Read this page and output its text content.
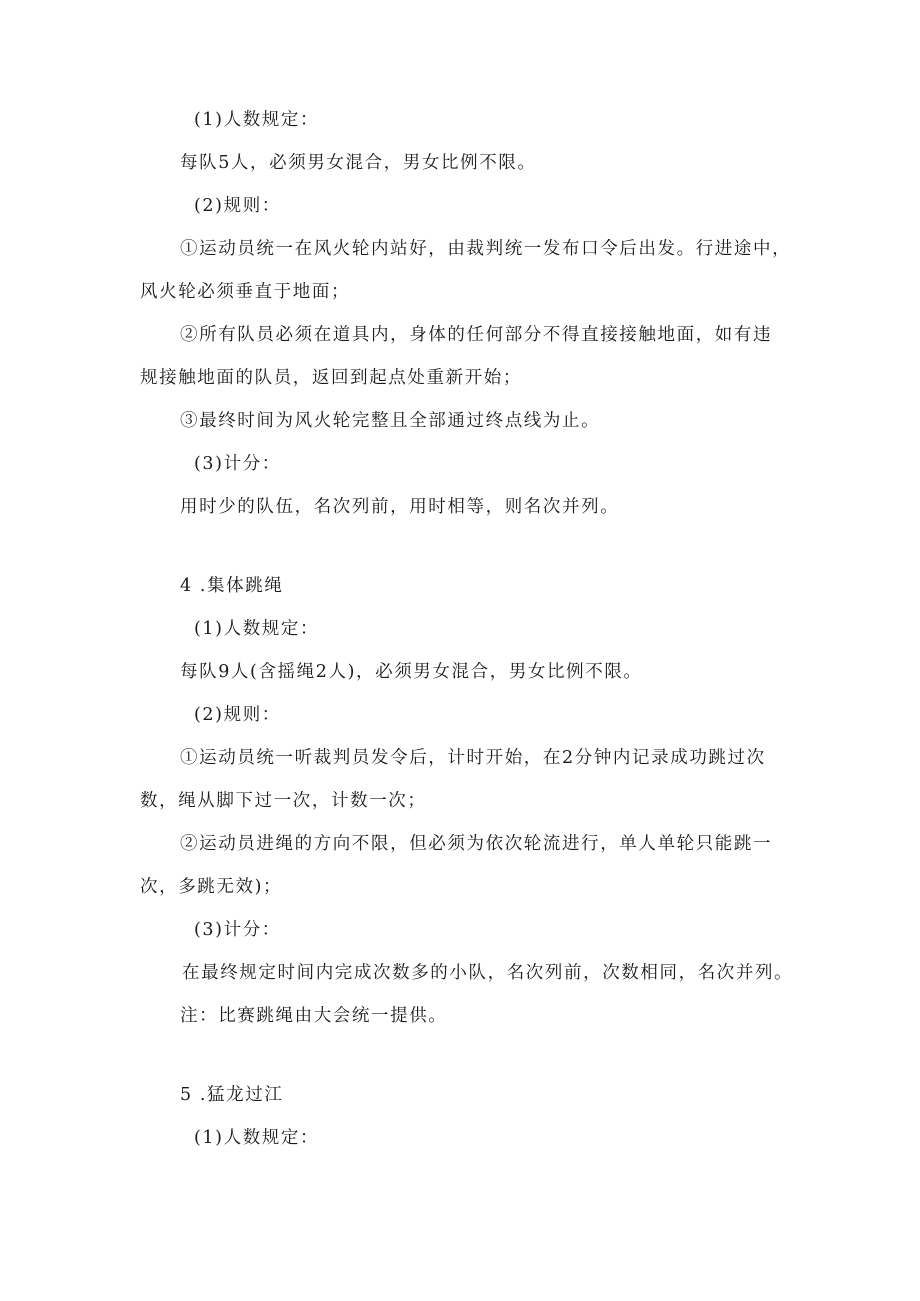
(1)人数规定：
每队5人，必须男女混合，男女比例不限。
(2)规则：
①运动员统一在风火轮内站好，由裁判统一发布口令后出发。行进途中，
风火轮必须垂直于地面；
②所有队员必须在道具内，身体的任何部分不得直接接触地面，如有违
规接触地面的队员，返回到起点处重新开始；
③最终时间为风火轮完整且全部通过终点线为止。
(3)计分：
用时少的队伍，名次列前，用时相等，则名次并列。
4 .集体跳绳
(1)人数规定：
每队9人(含摇绳2人)，必须男女混合，男女比例不限。
(2)规则：
①运动员统一听裁判员发令后，计时开始，在2分钟内记录成功跳过次
数，绳从脚下过一次，计数一次；
②运动员进绳的方向不限，但必须为依次轮流进行，单人单轮只能跳一
次，多跳无效)；
(3)计分：
在最终规定时间内完成次数多的小队，名次列前，次数相同，名次并列。
注：比赛跳绳由大会统一提供。
5 .猛龙过江
(1)人数规定：
